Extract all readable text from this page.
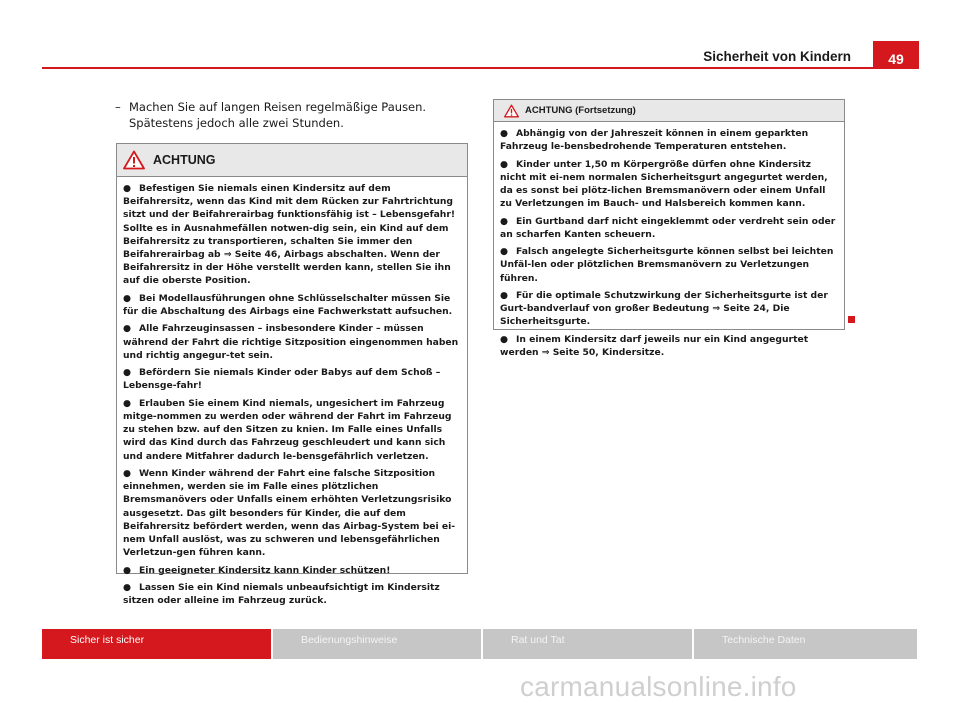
Sicherheit von Kindern	49
– Machen Sie auf langen Reisen regelmäßige Pausen. Spätestens jedoch alle zwei Stunden.
ACHTUNG

● Befestigen Sie niemals einen Kindersitz auf dem Beifahrersitz, wenn das Kind mit dem Rücken zur Fahrtrichtung sitzt und der Beifahrerairbag funktionsfähig ist – Lebensgefahr! Sollte es in Ausnahmefällen notwen-dig sein, ein Kind auf dem Beifahrersitz zu transportieren, schalten Sie immer den Beifahrerairbag ab ⇒ Seite 46, Airbags abschalten. Wenn der Beifahrersitz in der Höhe verstellt werden kann, stellen Sie ihn auf die oberste Position.

● Bei Modellausführungen ohne Schlüsselschalter müssen Sie für die Abschaltung des Airbags eine Fachwerkstatt aufsuchen.

● Alle Fahrzeuginsassen – insbesondere Kinder – müssen während der Fahrt die richtige Sitzposition eingenommen haben und richtig angegur-tet sein.

● Befördern Sie niemals Kinder oder Babys auf dem Schoß – Lebensge-fahr!

● Erlauben Sie einem Kind niemals, ungesichert im Fahrzeug mitge-nommen zu werden oder während der Fahrt im Fahrzeug zu stehen bzw. auf den Sitzen zu knien. Im Falle eines Unfalls wird das Kind durch das Fahrzeug geschleudert und kann sich und andere Mitfahrer dadurch le-bensgefährlich verletzen.

● Wenn Kinder während der Fahrt eine falsche Sitzposition einnehmen, werden sie im Falle eines plötzlichen Bremsmanövers oder Unfalls einem erhöhten Verletzungsrisiko ausgesetzt. Das gilt besonders für Kinder, die auf dem Beifahrersitz befördert werden, wenn das Airbag-System bei ei-nem Unfall auslöst, was zu schweren und lebensgefährlichen Verletzun-gen führen kann.

● Ein geeigneter Kindersitz kann Kinder schützen!

● Lassen Sie ein Kind niemals unbeaufsichtigt im Kindersitz sitzen oder alleine im Fahrzeug zurück.

ACHTUNG (Fortsetzung)

● Abhängig von der Jahreszeit können in einem geparkten Fahrzeug le-bensbedrohende Temperaturen entstehen.

● Kinder unter 1,50 m Körpergröße dürfen ohne Kindersitz nicht mit ei-nem normalen Sicherheitsgurt angegurtet werden, da es sonst bei plötz-lichen Bremsmanövern oder einem Unfall zu Verletzungen im Bauch- und Halsbereich kommen kann.

● Ein Gurtband darf nicht eingeklemmt oder verdreht sein oder an scharfen Kanten scheuern.

● Falsch angelegte Sicherheitsgurte können selbst bei leichten Unfäl-len oder plötzlichen Bremsmanövern zu Verletzungen führen.

● Für die optimale Schutzwirkung der Sicherheitsgurte ist der Gurt-bandverlauf von großer Bedeutung ⇒ Seite 24, Die Sicherheitsgurte.

● In einem Kindersitz darf jeweils nur ein Kind angegurtet werden ⇒ Seite 50, Kindersitze.

Sicher ist sicher	Bedienungshinweise	Rat und Tat	Technische Daten
carmanualsonline.info
